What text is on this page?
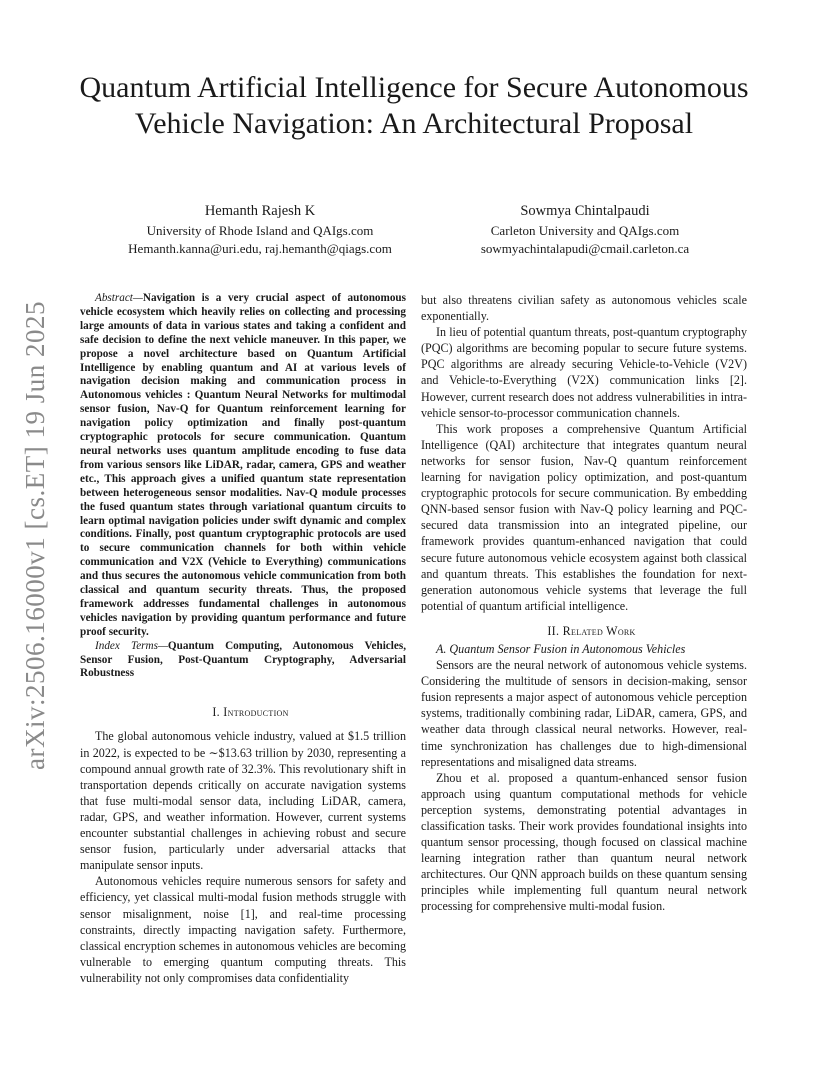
arXiv:2506.16000v1 [cs.ET] 19 Jun 2025
Quantum Artificial Intelligence for Secure Autonomous Vehicle Navigation: An Architectural Proposal
Hemanth Rajesh K
University of Rhode Island and QAIgs.com
Hemanth.kanna@uri.edu, raj.hemanth@qiags.com
Sowmya Chintalpaudi
Carleton University and QAIgs.com
sowmyachintalapudi@cmail.carleton.ca

Abstract—Navigation is a very crucial aspect of autonomous vehicle ecosystem which heavily relies on collecting and processing large amounts of data in various states and taking a confident and safe decision to define the next vehicle maneuver. In this paper, we propose a novel architecture based on Quantum Artificial Intelligence by enabling quantum and AI at various levels of navigation decision making and communication process in Autonomous vehicles : Quantum Neural Networks for multimodal sensor fusion, Nav-Q for Quantum reinforcement learning for navigation policy optimization and finally post-quantum cryptographic protocols for secure communication. Quantum neural networks uses quantum amplitude encoding to fuse data from various sensors like LiDAR, radar, camera, GPS and weather etc., This approach gives a unified quantum state representation between heterogeneous sensor modalities. Nav-Q module processes the fused quantum states through variational quantum circuits to learn optimal navigation policies under swift dynamic and complex conditions. Finally, post quantum cryptographic protocols are used to secure communication channels for both within vehicle communication and V2X (Vehicle to Everything) communications and thus secures the autonomous vehicle communication from both classical and quantum security threats. Thus, the proposed framework addresses fundamental challenges in autonomous vehicles navigation by providing quantum performance and future proof security.

Index Terms—Quantum Computing, Autonomous Vehicles, Sensor Fusion, Post-Quantum Cryptography, Adversarial Robustness

I. Introduction

The global autonomous vehicle industry, valued at $1.5 trillion in 2022, is expected to be ∼$13.63 trillion by 2030, representing a compound annual growth rate of 32.3%. This revolutionary shift in transportation depends critically on accurate navigation systems that fuse multi-modal sensor data, including LiDAR, camera, radar, GPS, and weather information. However, current systems encounter substantial challenges in achieving robust and secure sensor fusion, particularly under adversarial attacks that manipulate sensor inputs.

Autonomous vehicles require numerous sensors for safety and efficiency, yet classical multi-modal fusion methods struggle with sensor misalignment, noise [1], and real-time processing constraints, directly impacting navigation safety. Furthermore, classical encryption schemes in autonomous vehicles are becoming vulnerable to emerging quantum computing threats. This vulnerability not only compromises data confidentiality

but also threatens civilian safety as autonomous vehicles scale exponentially.

In lieu of potential quantum threats, post-quantum cryptography (PQC) algorithms are becoming popular to secure future systems. PQC algorithms are already securing Vehicle-to-Vehicle (V2V) and Vehicle-to-Everything (V2X) communication links [2]. However, current research does not address vulnerabilities in intra-vehicle sensor-to-processor communication channels.

This work proposes a comprehensive Quantum Artificial Intelligence (QAI) architecture that integrates quantum neural networks for sensor fusion, Nav-Q quantum reinforcement learning for navigation policy optimization, and post-quantum cryptographic protocols for secure communication. By embedding QNN-based sensor fusion with Nav-Q policy learning and PQC-secured data transmission into an integrated pipeline, our framework provides quantum-enhanced navigation that could secure future autonomous vehicle ecosystem against both classical and quantum threats. This establishes the foundation for next-generation autonomous vehicle systems that leverage the full potential of quantum artificial intelligence.

II. Related Work

A. Quantum Sensor Fusion in Autonomous Vehicles

Sensors are the neural network of autonomous vehicle systems. Considering the multitude of sensors in decision-making, sensor fusion represents a major aspect of autonomous vehicle perception systems, traditionally combining radar, LiDAR, camera, GPS, and weather data through classical neural networks. However, real-time synchronization has challenges due to high-dimensional representations and misaligned data streams.

Zhou et al. proposed a quantum-enhanced sensor fusion approach using quantum computational methods for vehicle perception systems, demonstrating potential advantages in classification tasks. Their work provides foundational insights into quantum sensor processing, though focused on classical machine learning integration rather than quantum neural network architectures. Our QNN approach builds on these quantum sensing principles while implementing full quantum neural network processing for comprehensive multi-modal fusion.
